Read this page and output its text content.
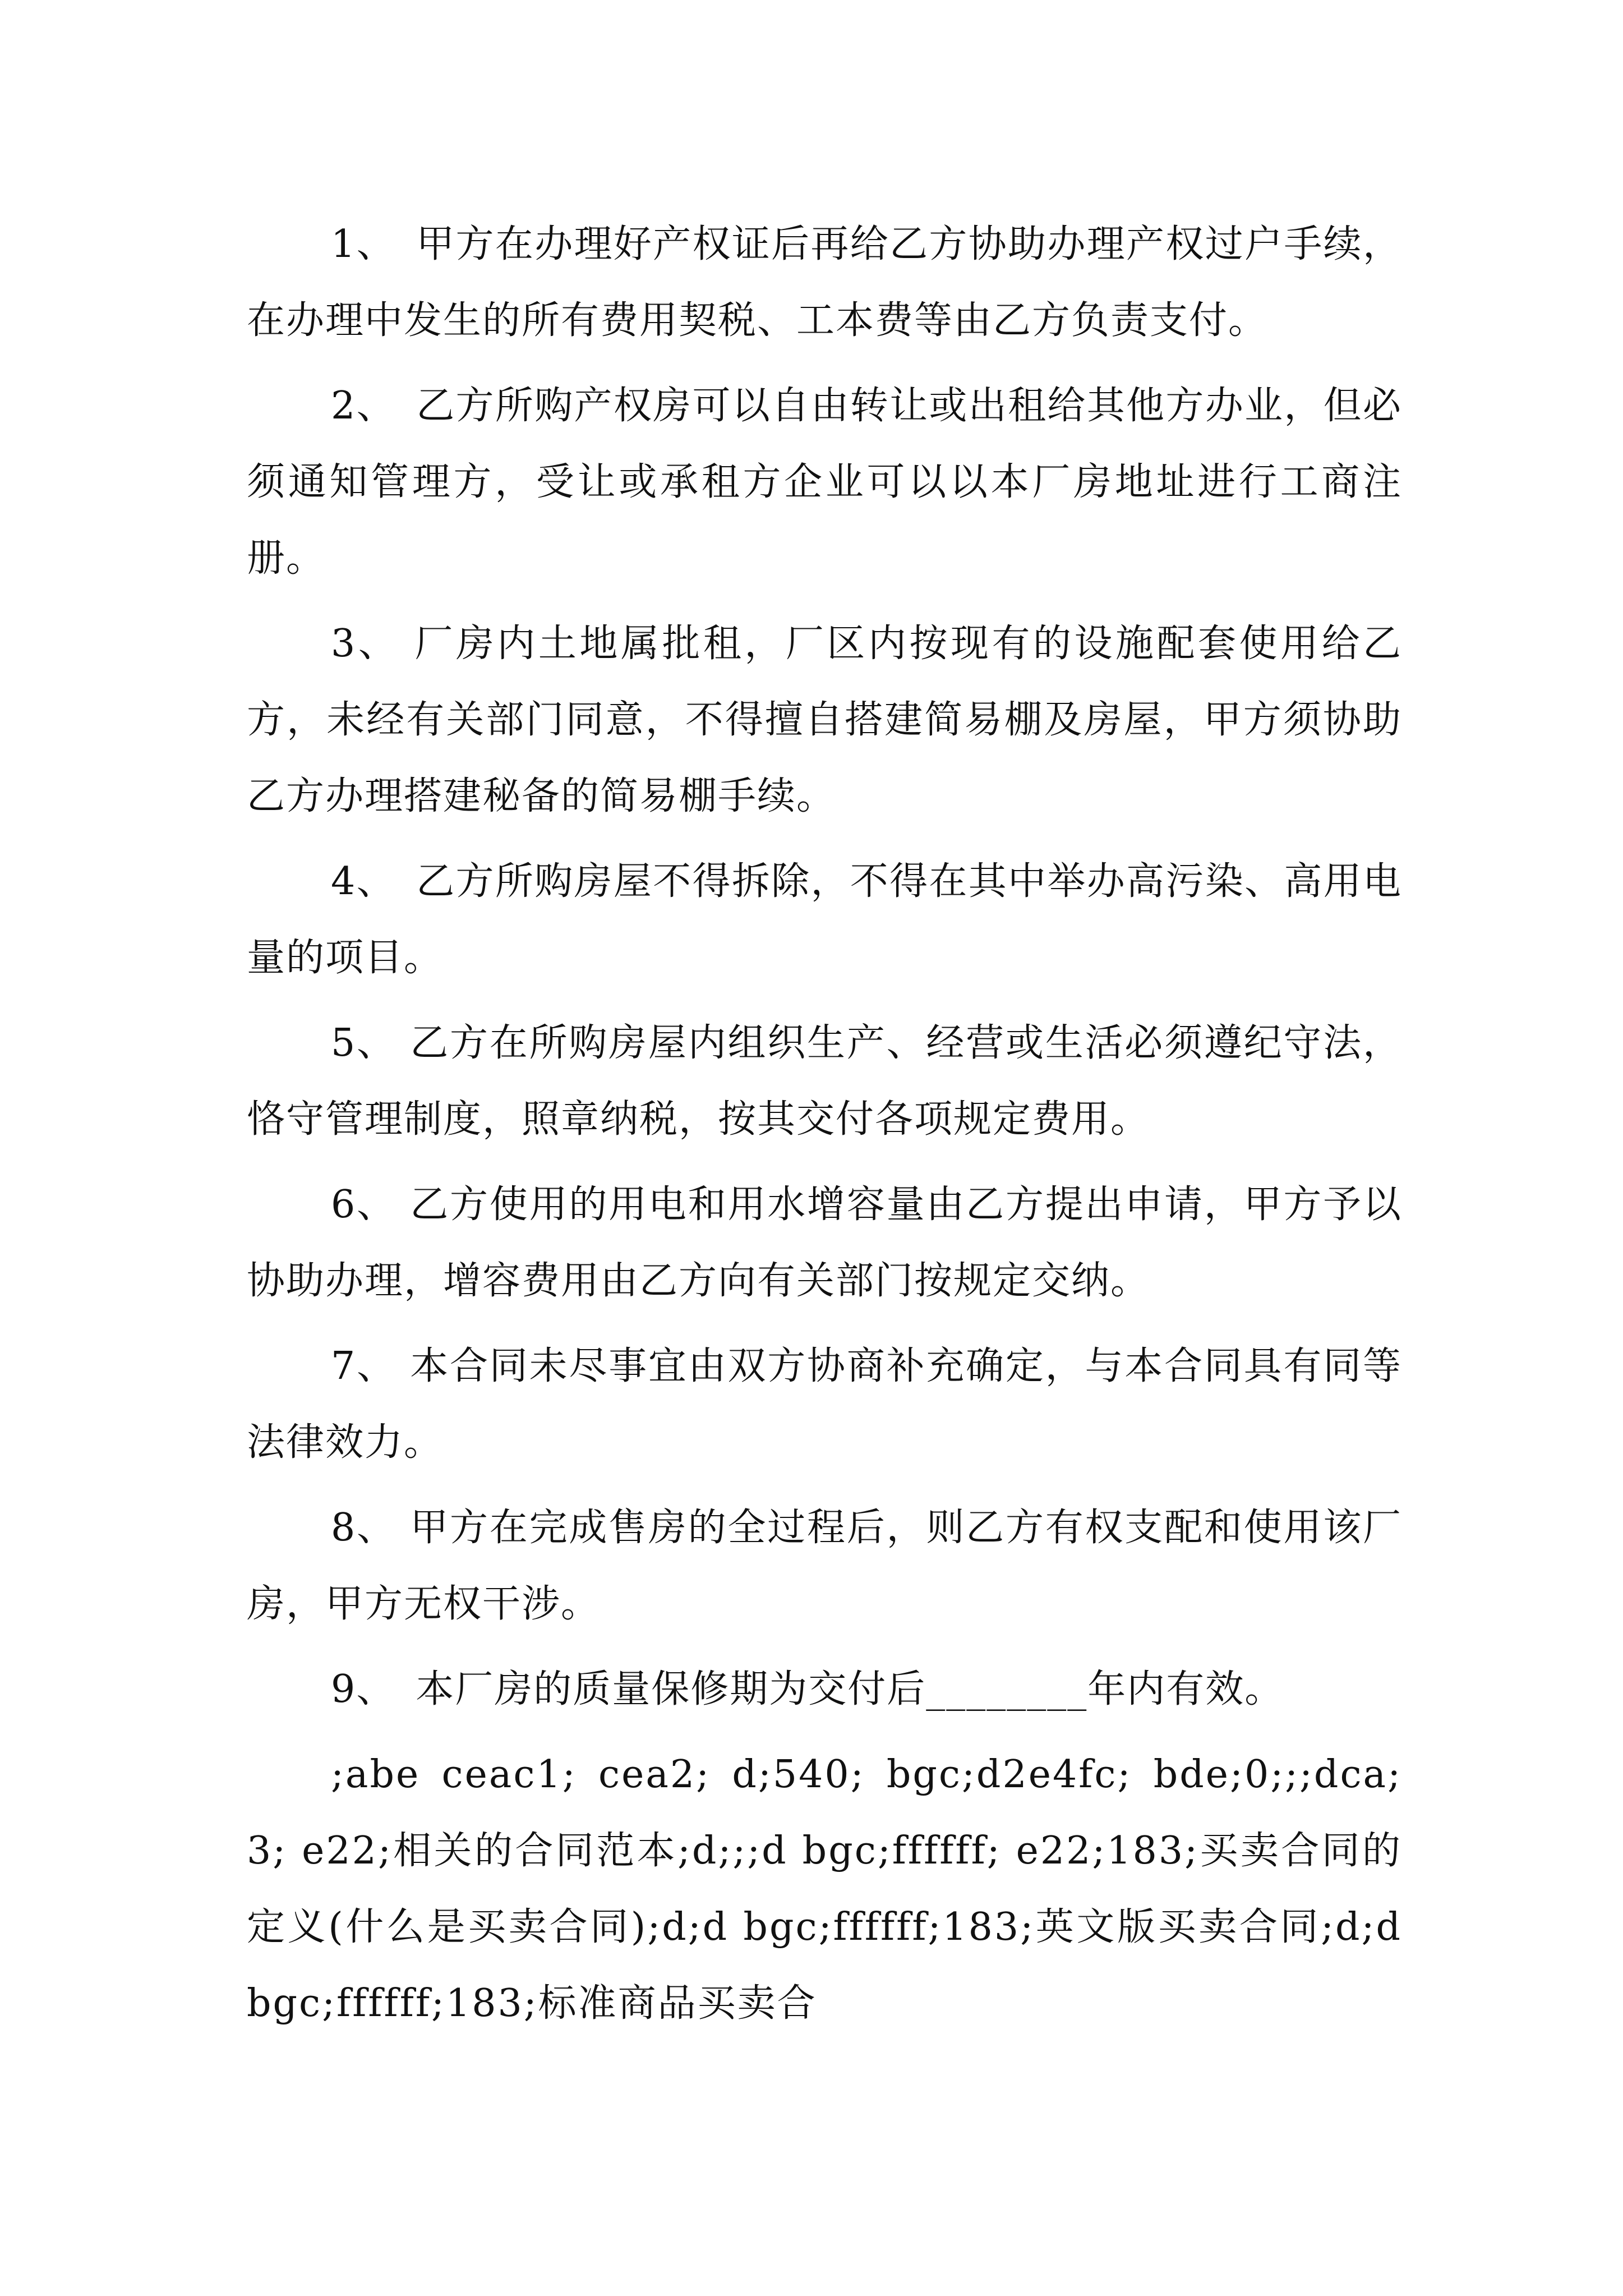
1、　甲方在办理好产权证后再给乙方协助办理产权过户手续，在办理中发生的所有费用契税、工本费等由乙方负责支付。

2、　乙方所购产权房可以自由转让或出租给其他方办业，但必须通知管理方，受让或承租方企业可以以本厂房地址进行工商注册。

3、 厂房内土地属批租，厂区内按现有的设施配套使用给乙方，未经有关部门同意，不得擅自搭建简易棚及房屋，甲方须协助乙方办理搭建秘备的简易棚手续。

4、　乙方所购房屋不得拆除，不得在其中举办高污染、高用电量的项目。

5、 乙方在所购房屋内组织生产、经营或生活必须遵纪守法，恪守管理制度，照章纳税，按其交付各项规定费用。

6、 乙方使用的用电和用水增容量由乙方提出申请，甲方予以协助办理，增容费用由乙方向有关部门按规定交纳。

7、 本合同未尽事宜由双方协商补充确定，与本合同具有同等法律效力。

8、 甲方在完成售房的全过程后，则乙方有权支配和使用该厂房，甲方无权干涉。

9、　本厂房的质量保修期为交付后________年内有效。

;abe ceac1; cea2; d;540; bgc;d2e4fc; bde;0;;;dca;3; e22;相关的合同范本;d;;;d bgc;ffffff; e22;183;买卖合同的定义(什么是买卖合同);d;d bgc;ffffff;183;英文版买卖合同;d;d bgc;ffffff;183;标准商品买卖合
